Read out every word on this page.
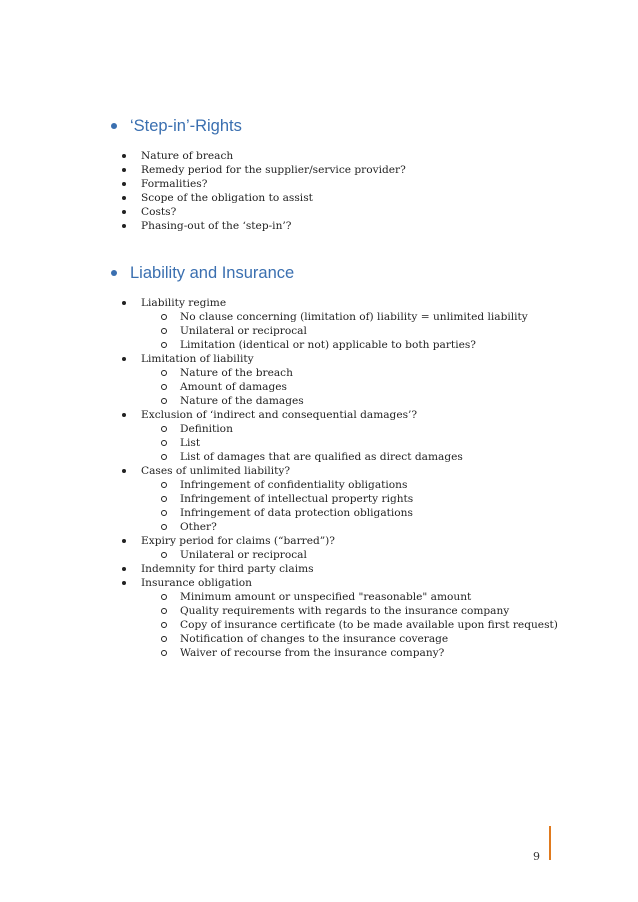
‘Step-in’-Rights
Nature of breach
Remedy period for the supplier/service provider?
Formalities?
Scope of the obligation to assist
Costs?
Phasing-out of the ‘step-in’?
Liability and Insurance
Liability regime
No clause concerning (limitation of) liability = unlimited liability
Unilateral or reciprocal
Limitation (identical or not) applicable to both parties?
Limitation of liability
Nature of the breach
Amount of damages
Nature of the damages
Exclusion of ‘indirect and consequential damages’?
Definition
List
List of damages that are qualified as direct damages
Cases of unlimited liability?
Infringement of confidentiality obligations
Infringement of intellectual property rights
Infringement of data protection obligations
Other?
Expiry period for claims (“barred”)?
Unilateral or reciprocal
Indemnity for third party claims
Insurance obligation
Minimum amount or unspecified "reasonable" amount
Quality requirements with regards to the insurance company
Copy of insurance certificate (to be made available upon first request)
Notification of changes to the insurance coverage
Waiver of recourse from the insurance company?
9
